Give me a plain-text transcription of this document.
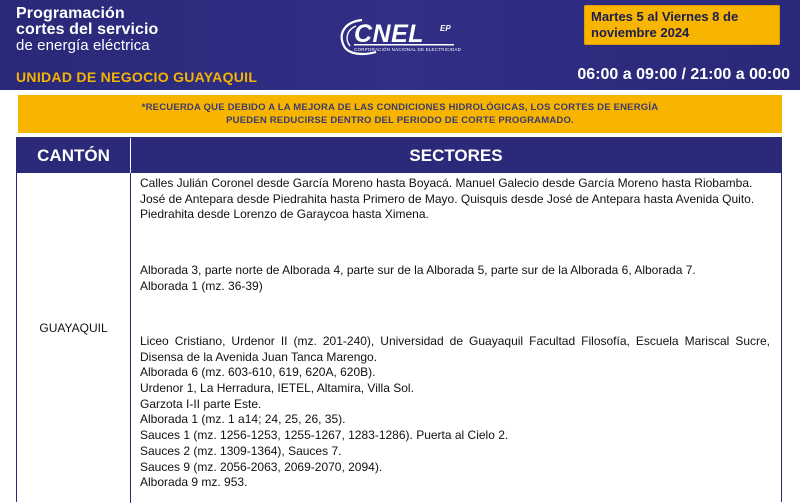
Programación
cortes del servicio
de energía eléctrica
UNIDAD DE NEGOCIO GUAYAQUIL
CNEL EP
CORPORACIÓN NACIONAL DE ELECTRICIDAD
Martes 5 al Viernes 8 de noviembre 2024
06:00 a 09:00 / 21:00 a 00:00
*RECUERDA QUE DEBIDO A LA MEJORA DE LAS CONDICIONES HIDROLÓGICAS, LOS CORTES DE ENERGÍA
PUEDEN REDUCIRSE DENTRO DEL PERIODO DE CORTE PROGRAMADO.
CANTÓN	SECTORES
GUAYAQUIL

Calles Julián Coronel desde García Moreno hasta Boyacá. Manuel Galecio desde García Moreno hasta Riobamba.

José de Antepara desde Piedrahita hasta Primero de Mayo. Quisquis desde José de Antepara hasta Avenida Quito.

Piedrahita desde Lorenzo de Garaycoa hasta Ximena.

Alborada 3, parte norte de Alborada 4, parte sur de la Alborada 5, parte sur de la Alborada 6, Alborada 7.

Alborada 1 (mz. 36-39)

Liceo Cristiano, Urdenor II (mz. 201-240), Universidad de Guayaquil Facultad Filosofía, Escuela Mariscal Sucre, Disensa de la Avenida Juan Tanca Marengo.

Alborada 6 (mz. 603-610, 619, 620A, 620B).

Urdenor 1, La Herradura, IETEL, Altamira, Villa Sol.

Garzota I-II parte Este.

Alborada 1 (mz. 1 a14; 24, 25, 26, 35).

Sauces 1 (mz. 1256-1253, 1255-1267, 1283-1286). Puerta al Cielo 2.

Sauces 2 (mz. 1309-1364), Sauces 7.

Sauces 9 (mz. 2056-2063, 2069-2070, 2094).

Alborada 9 mz. 953.
